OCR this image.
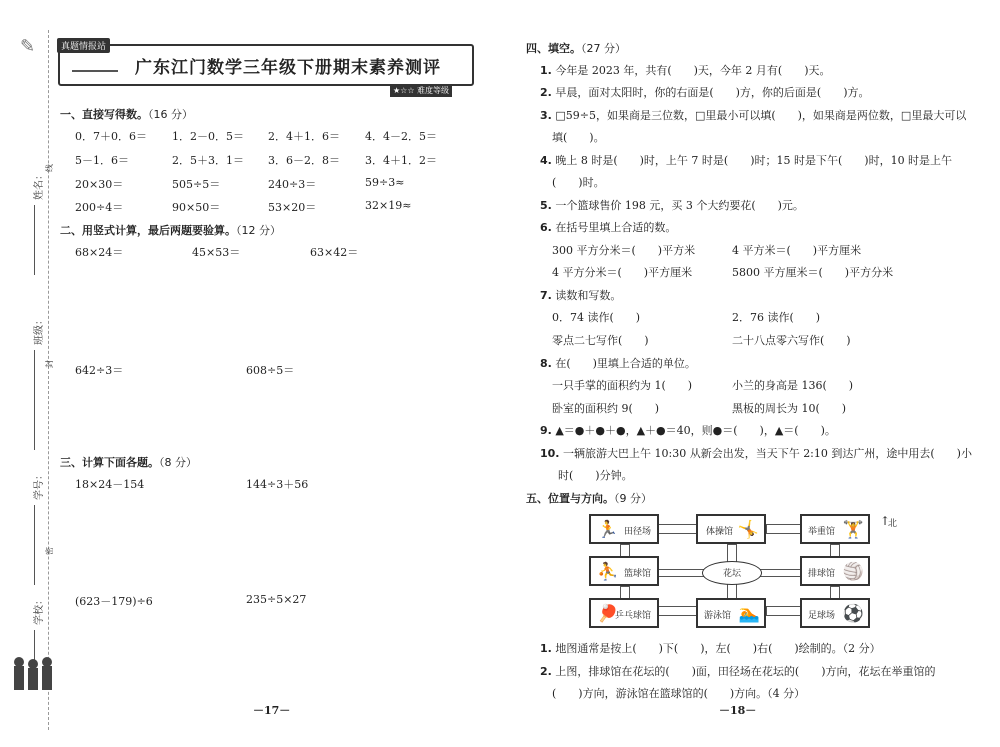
✎
姓名：
班级：
学号：
学校：
线
封
密
真题情报站
广东江门数学三年级下册期末素养测评
★☆☆ 难度等级
一、直接写得数。（16 分）
0．7＋0．6＝ 1．2－0．5＝ 2．4＋1．6＝ 4．4－2．5＝
5－1．6＝	2．5＋3．1＝ 3．6－2．8＝ 3．4＋1．2＝
20×30＝	505÷5＝	240÷3＝	59÷3≈
200÷4＝	90×50＝	53×20＝	32×19≈
二、用竖式计算，最后两题要验算。（12 分）
68×24＝	45×53＝	63×42＝
642÷3＝	608÷5＝
三、计算下面各题。（8 分）
18×24－154	144÷3＋56
(623－179)÷6	235÷5×27
－17－
四、填空。（27 分）
1. 今年是 2023 年，共有(　　)天，今年 2 月有(　　)天。
2. 早晨，面对太阳时，你的右面是(　　)方，你的后面是(　　)方。
3. □59÷5，如果商是三位数，□里最小可以填(　　)，如果商是两位数，□里最大可以
填(　　)。
4. 晚上 8 时是(　　)时，上午 7 时是(　　)时；15 时是下午(　　)时，10 时是上午
(　　)时。
5. 一个篮球售价 198 元，买 3 个大约要花(　　)元。
6. 在括号里填上合适的数。
300 平方分米＝(　　)平方米	4 平方米＝(　　)平方厘米
4 平方分米＝(　　)平方厘米	5800 平方厘米＝(　　)平方分米
7. 读数和写数。
0．74 读作(　　)	2．76 读作(　　)
零点二七写作(　　)	二十八点零六写作(　　)
8. 在(　　)里填上合适的单位。
一只手掌的面积约为 1(　　)	小兰的身高是 136(　　)
卧室的面积约 9(　　)	黑板的周长为 10(　　)
9. ▲＝●＋●＋●，▲＋●＝40，则●＝(　　)，▲＝(　　)。
10. 一辆旅游大巴上午 10:30 从新会出发，当天下午 2:10 到达广州，途中用去(　　)小
时(　　)分钟。
五、位置与方向。（9 分）
🏃 田径场	体操馆 🤸	举重馆 🏋
⛹ 篮球馆	花坛	排球馆 🏐
🏓
乒乓球馆	游泳馆 🏊	足球场 ⚽
↑
北
1. 地图通常是按上(　　)下(　　)，左(　　)右(　　)绘制的。（2 分）
2. 上图，排球馆在花坛的(　　)面，田径场在花坛的(　　)方向，花坛在举重馆的
(　　)方向，游泳馆在篮球馆的(　　)方向。（4 分）
－18－
